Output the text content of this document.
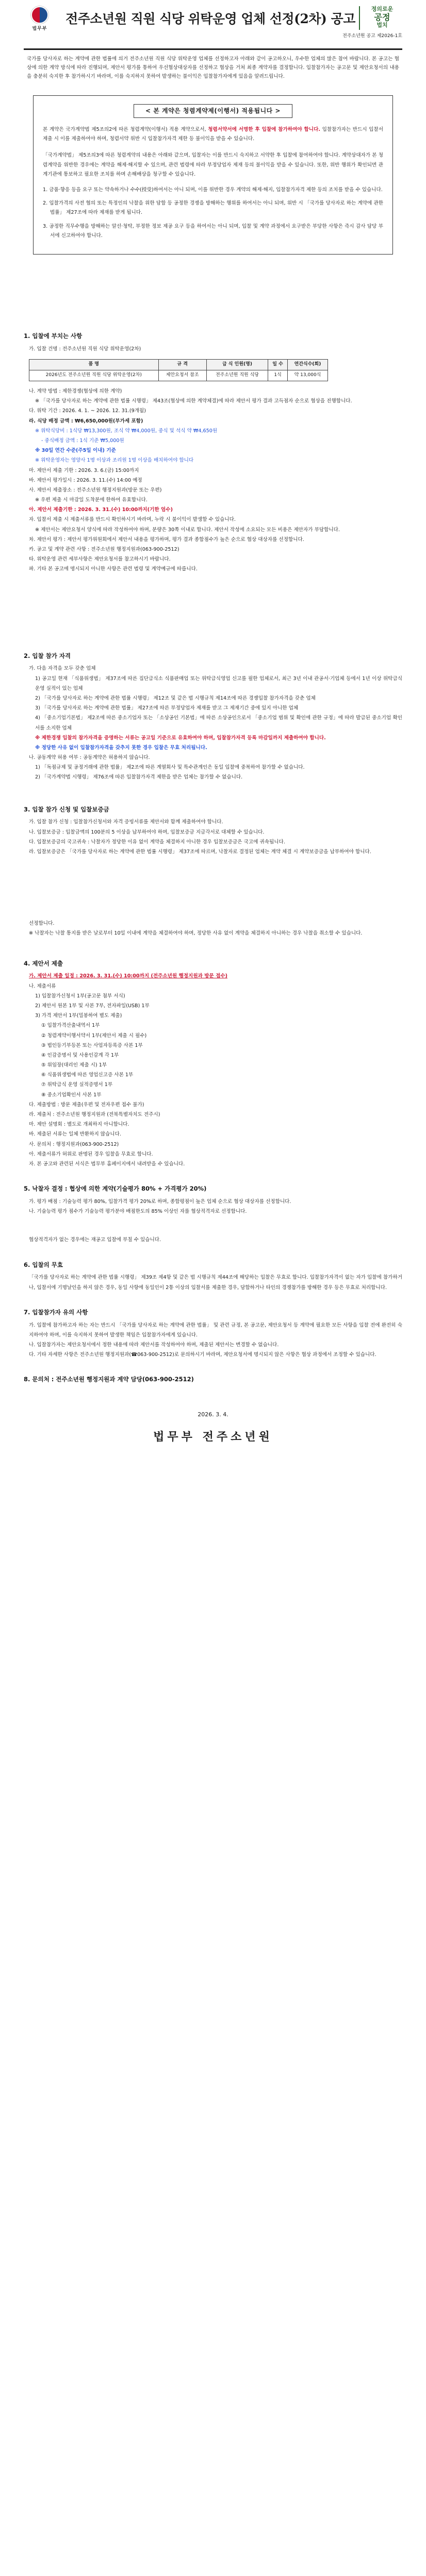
법무부
전주소년원 직원 식당 위탁운영 업체 선정(2차) 공고
정의로운
공정
법치
전주소년원 공고 제2026-1호

국가를 당사자로 하는 계약에 관한 법률에 의거 전주소년원 직원 식당 위탁운영 업체를 선정하고자 아래와 같이 공고하오니, 우수한 업체의 많은 참여 바랍니다. 본 공고는 협상에 의한 계약 방식에 따라 진행되며, 제안서 평가를 통하여 우선협상대상자를 선정하고 협상을 거쳐 최종 계약자를 결정합니다. 입찰참가자는 공고문 및 제안요청서의 내용을 충분히 숙지한 후 참가하시기 바라며, 이를 숙지하지 못하여 발생하는 불이익은 입찰참가자에게 있음을 알려드립니다.

< 본 계약은 청렴계약제(이행서) 적용됩니다 >

본 계약은 국가계약법 제5조의2에 따른 청렴계약(이행서) 적용 계약으로서, 청렴서약서에 서명한 후 입찰에 참가하여야 합니다. 입찰참가자는 반드시 입찰서 제출 시 이를 제출하여야 하며, 청렴서약 위반 시 입찰참가자격 제한 등 불이익을 받을 수 있습니다.

「국가계약법」 제5조의3에 따른 청렴계약의 내용은 아래와 같으며, 입찰자는 이를 반드시 숙지하고 서약한 후 입찰에 참여하여야 합니다. 계약상대자가 본 청렴계약을 위반한 경우에는 계약을 해제·해지할 수 있으며, 관련 법령에 따라 부정당업자 제재 등의 불이익을 받을 수 있습니다. 또한, 위반 행위가 확인되면 관계기관에 통보하고 필요한 조치를 하며 손해배상을 청구할 수 있습니다.

1. 금품·향응 등을 요구 또는 약속하거나 수수(授受)하여서는 아니 되며, 이를 위반한 경우 계약의 해제·해지, 입찰참가자격 제한 등의 조치를 받을 수 있습니다.
2. 입찰가격의 사전 협의 또는 특정인의 낙찰을 위한 담합 등 공정한 경쟁을 방해하는 행위를 하여서는 아니 되며, 위반 시 「국가를 당사자로 하는 계약에 관한 법률」 제27조에 따라 제재를 받게 됩니다.
3. 공정한 직무수행을 방해하는 알선·청탁, 부정한 정보 제공 요구 등을 하여서는 아니 되며, 입찰 및 계약 과정에서 요구받은 부당한 사항은 즉시 감사 담당 부서에 신고하여야 합니다.
1. 입찰에 부치는 사항
가. 입찰 건명 : 전주소년원 직원 식당 위탁운영(2차)
품 명	규 격	급 식 인원(명)	일 수	연간식수(회)
2026년도 전주소년원 직원 식당 위탁운영(2차)	제안요청서 참조	전주소년원 직원 식당	1식	약 13,000식
나. 계약 방법 : 제한경쟁(협상에 의한 계약)
※ 「국가를 당사자로 하는 계약에 관한 법률 시행령」 제43조(협상에 의한 계약체결)에 따라 제안서 평가 결과 고득점자 순으로 협상을 진행합니다.
다. 위탁 기간 : 2026. 4. 1. ~ 2026. 12. 31.(9개월)
라. 식당 배정 금액 : ₩6,650,000원(부가세 포함)
※ 위탁식당비 : 1식당 ₩13,300원, 조식 약 ₩4,000원, 중식 및 석식 약 ₩4,650원
- 중식배정 금액 : 1식 기준 ₩5,000원
※ 30일 연간 수준(주5일 이내) 기준
※ 위탁운영자는 영양사 1명 이상과 조리원 1명 이상을 배치하여야 합니다
마. 제안서 제출 기한 : 2026. 3. 6.(금) 15:00까지
바. 제안서 평가일시 : 2026. 3. 11.(수) 14:00 예정
사. 제안서 제출장소 : 전주소년원 행정지원과(방문 또는 우편)
※ 우편 제출 시 마감일 도착분에 한하여 유효합니다.
아. 제안서 제출기한 : 2026. 3. 31.(수) 10:00까지(기한 엄수)
자. 입찰서 제출 시 제출서류를 반드시 확인하시기 바라며, 누락 시 불이익이 발생할 수 있습니다.
※ 제안서는 제안요청서 양식에 따라 작성하여야 하며, 분량은 30쪽 이내로 합니다. 제안서 작성에 소요되는 모든 비용은 제안자가 부담합니다.
차. 제안서 평가 : 제안서 평가위원회에서 제안서 내용을 평가하며, 평가 결과 종합점수가 높은 순으로 협상 대상자를 선정합니다.
카. 공고 및 계약 관련 사항 : 전주소년원 행정지원과(063-900-2512)
타. 위탁운영 관련 세부사항은 제안요청서를 참고하시기 바랍니다.
파. 기타 본 공고에 명시되지 아니한 사항은 관련 법령 및 계약예규에 따릅니다.
2. 입찰 참가 자격
가. 다음 자격을 모두 갖춘 업체
1) 공고일 현재 「식품위생법」 제37조에 따른 집단급식소 식품판매업 또는 위탁급식영업 신고를 필한 업체로서, 최근 3년 이내 관공서·기업체 등에서 1년 이상 위탁급식 운영 실적이 있는 업체
2) 「국가를 당사자로 하는 계약에 관한 법률 시행령」 제12조 및 같은 법 시행규칙 제14조에 따른 경쟁입찰 참가자격을 갖춘 업체
3) 「국가를 당사자로 하는 계약에 관한 법률」 제27조에 따른 부정당업자 제재를 받고 그 제재기간 중에 있지 아니한 업체
4) 「중소기업기본법」 제2조에 따른 중소기업자 또는 「소상공인 기본법」에 따른 소상공인으로서 「중소기업 범위 및 확인에 관한 규정」에 따라 발급된 중소기업 확인서를 소지한 업체
※ 제한경쟁 입찰의 참가자격을 증명하는 서류는 공고일 기준으로 유효하여야 하며, 입찰참가자격 등록 마감일까지 제출하여야 합니다.
※ 정당한 사유 없이 입찰참가자격을 갖추지 못한 경우 입찰은 무효 처리됩니다.
나. 공동계약 허용 여부 : 공동계약은 허용하지 않습니다.
1) 「독점규제 및 공정거래에 관한 법률」 제2조에 따른 계열회사 및 특수관계인은 동일 입찰에 중복하여 참가할 수 없습니다.
2) 「국가계약법 시행령」 제76조에 따른 입찰참가자격 제한을 받은 업체는 참가할 수 없습니다.
3. 입찰 참가 신청 및 입찰보증금
가. 입찰 참가 신청 : 입찰참가신청서와 자격 증빙서류를 제안서와 함께 제출하여야 합니다.
나. 입찰보증금 : 입찰금액의 100분의 5 이상을 납부하여야 하며, 입찰보증금 지급각서로 대체할 수 있습니다.
다. 입찰보증금의 국고귀속 : 낙찰자가 정당한 이유 없이 계약을 체결하지 아니한 경우 입찰보증금은 국고에 귀속됩니다.
라. 입찰보증금은 「국가를 당사자로 하는 계약에 관한 법률 시행령」 제37조에 따르며, 낙찰자로 결정된 업체는 계약 체결 시 계약보증금을 납부하여야 합니다.
선정합니다.
※ 낙찰자는 낙찰 통지를 받은 날로부터 10일 이내에 계약을 체결하여야 하며, 정당한 사유 없이 계약을 체결하지 아니하는 경우 낙찰을 취소할 수 있습니다.
4. 제안서 제출
가. 제안서 제출 일정 : 2026. 3. 31.(수) 10:00까지 (전주소년원 행정지원과 방문 접수)
나. 제출서류
1) 입찰참가신청서 1부(공고문 첨부 서식)
2) 제안서 원본 1부 및 사본 7부, 전자파일(USB) 1부
3) 가격 제안서 1부(밀봉하여 별도 제출)
① 입찰가격산출내역서 1부
② 청렴계약이행서약서 1부(제안서 제출 시 필수)
③ 법인등기부등본 또는 사업자등록증 사본 1부
④ 인감증명서 및 사용인감계 각 1부
⑤ 위임장(대리인 제출 시) 1부
⑥ 식품위생법에 따른 영업신고증 사본 1부
⑦ 위탁급식 운영 실적증명서 1부
⑧ 중소기업확인서 사본 1부
다. 제출방법 : 방문 제출(우편 및 전자우편 접수 불가)
라. 제출처 : 전주소년원 행정지원과 (전북특별자치도 전주시)
마. 제안 설명회 : 별도로 개최하지 아니합니다.
바. 제출된 서류는 일체 반환하지 않습니다.
사. 문의처 : 행정지원과(063-900-2512)
아. 제출서류가 허위로 판명된 경우 입찰을 무효로 합니다.
자. 본 공고와 관련된 서식은 법무부 홈페이지에서 내려받을 수 있습니다.
5. 낙찰자 결정 : 협상에 의한 계약(기술평가 80% + 가격평가 20%)
가. 평가 배점 : 기술능력 평가 80%, 입찰가격 평가 20%로 하며, 종합평점이 높은 업체 순으로 협상 대상자를 선정합니다.
나. 기술능력 평가 점수가 기술능력 평가분야 배점한도의 85% 이상인 자를 협상적격자로 선정합니다.
협상적격자가 없는 경우에는 재공고 입찰에 부칠 수 있습니다.
6. 입찰의 무효
「국가를 당사자로 하는 계약에 관한 법률 시행령」 제39조 제4항 및 같은 법 시행규칙 제44조에 해당하는 입찰은 무효로 합니다. 입찰참가자격이 없는 자가 입찰에 참가하거나, 입찰서에 기명날인을 하지 않은 경우, 동일 사항에 동일인이 2통 이상의 입찰서를 제출한 경우, 담합하거나 타인의 경쟁참가를 방해한 경우 등은 무효로 처리합니다.
7. 입찰참가자 유의 사항
가. 입찰에 참가하고자 하는 자는 반드시 「국가를 당사자로 하는 계약에 관한 법률」 및 관련 규정, 본 공고문, 제안요청서 등 계약에 필요한 모든 사항을 입찰 전에 완전히 숙지하여야 하며, 이를 숙지하지 못하여 발생한 책임은 입찰참가자에게 있습니다.
나. 입찰참가자는 제안요청서에서 정한 내용에 따라 제안서를 작성하여야 하며, 제출된 제안서는 변경할 수 없습니다.
다. 기타 자세한 사항은 전주소년원 행정지원과(☎063-900-2512)로 문의하시기 바라며, 제안요청서에 명시되지 않은 사항은 협상 과정에서 조정할 수 있습니다.
8. 문의처 : 전주소년원 행정지원과 계약 담당(063-900-2512)
2026. 3. 4.
법무부 전주소년원
